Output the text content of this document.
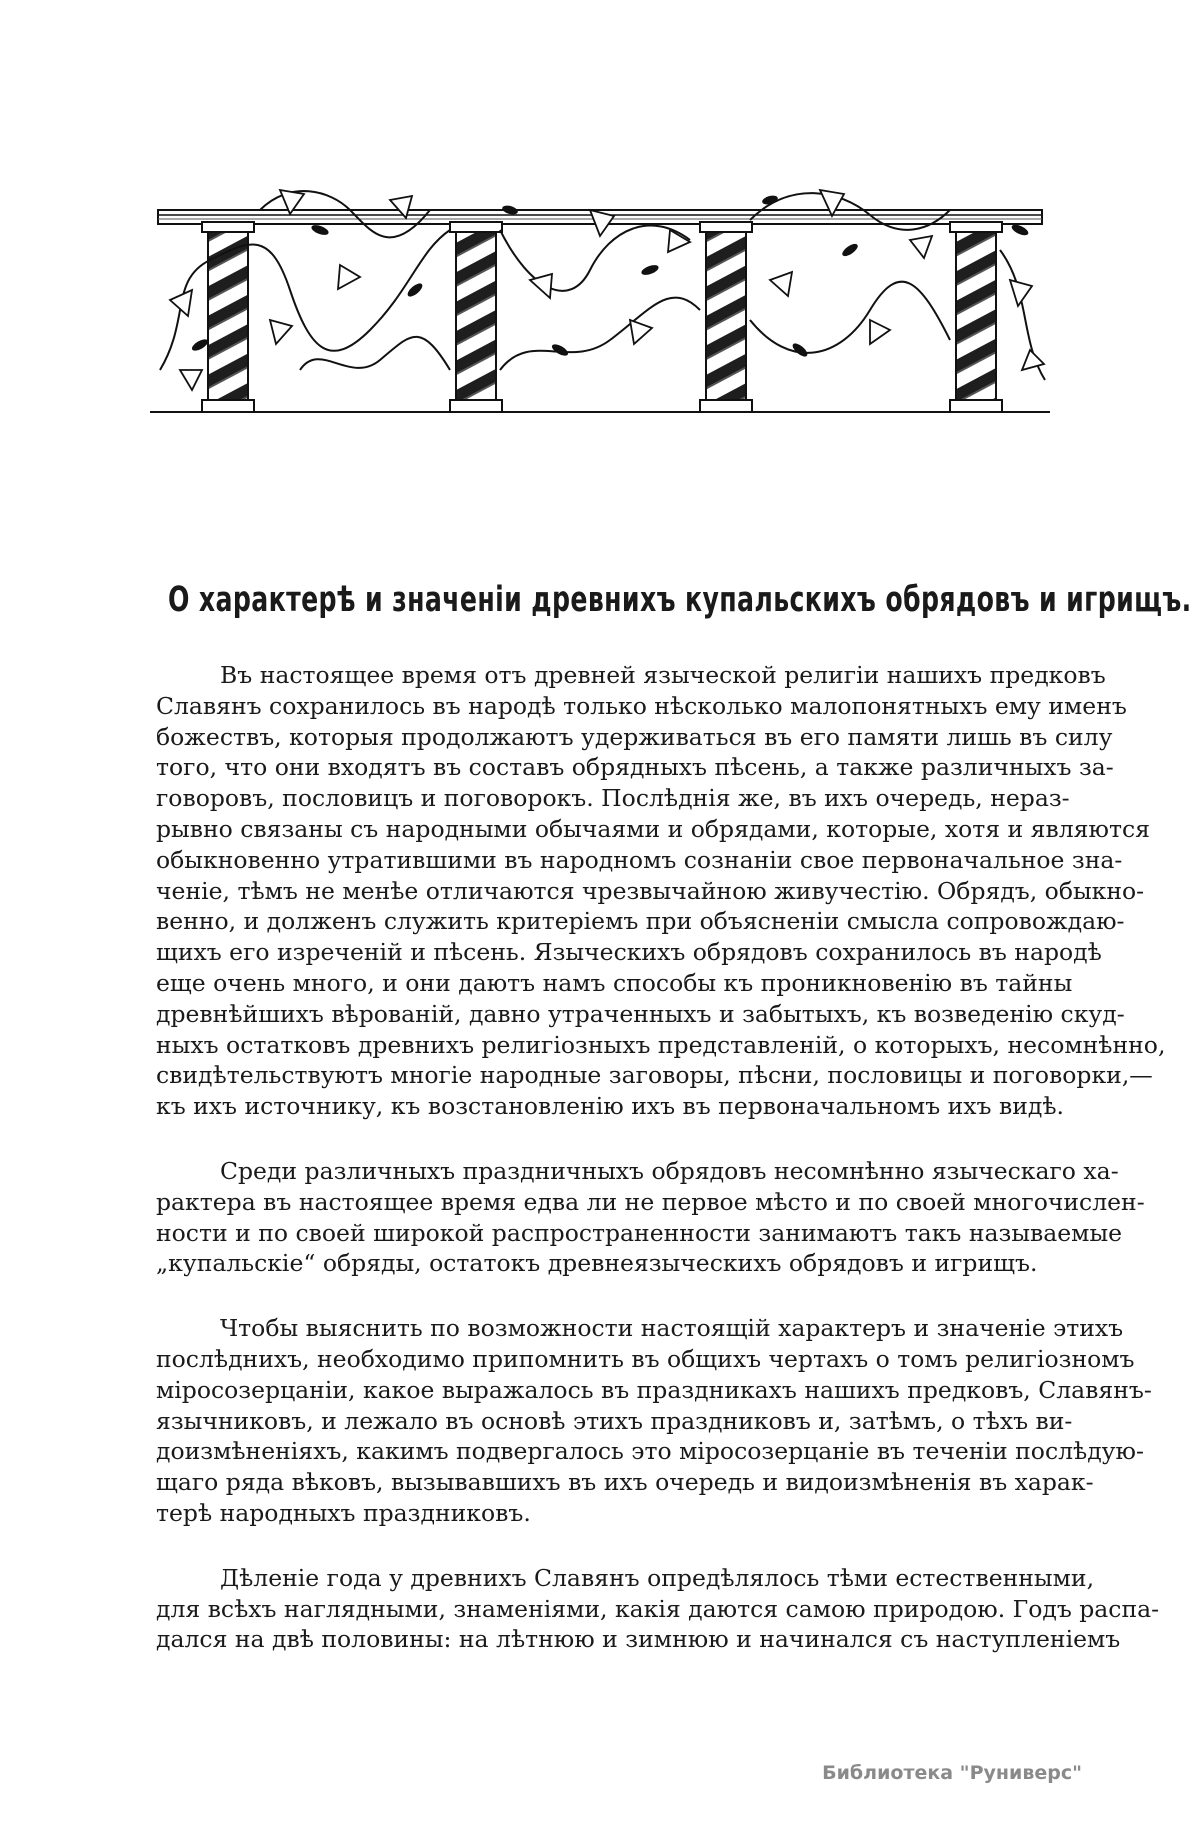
О характерѣ и значеніи древнихъ купальскихъ обрядовъ и игрищъ.
Въ настоящее время отъ древней языческой религіи нашихъ предковъ
Славянъ сохранилось въ народѣ только нѣсколько малопонятныхъ ему именъ
божествъ, которыя продолжаютъ удерживаться въ его памяти лишь въ силу
того, что они входятъ въ составъ обрядныхъ пѣсень, а также различныхъ за-
говоровъ, пословицъ и поговорокъ. Послѣднія же, въ ихъ очередь, нераз-
рывно связаны съ народными обычаями и обрядами, которые, хотя и являются
обыкновенно утратившими въ народномъ сознаніи свое первоначальное зна-
ченіе, тѣмъ не менѣе отличаются чрезвычайною живучестію. Обрядъ, обыкно-
венно, и долженъ служить критеріемъ при объясненіи смысла сопровождаю-
щихъ его изреченій и пѣсень. Языческихъ обрядовъ сохранилось въ народѣ
еще очень много, и они даютъ намъ способы къ проникновенію въ тайны
древнѣйшихъ вѣрованій, давно утраченныхъ и забытыхъ, къ возведенію скуд-
ныхъ остатковъ древнихъ религіозныхъ представленій, о которыхъ, несомнѣнно,
свидѣтельствуютъ многіе народные заговоры, пѣсни, пословицы и поговорки,—
къ ихъ источнику, къ возстановленію ихъ въ первоначальномъ ихъ видѣ.
Среди различныхъ праздничныхъ обрядовъ несомнѣнно языческаго ха-
рактера въ настоящее время едва ли не первое мѣсто и по своей многочислен-
ности и по своей широкой распространенности занимаютъ такъ называемые
„купальскіе“ обряды, остатокъ древнеязыческихъ обрядовъ и игрищъ.
Чтобы выяснить по возможности настоящій характеръ и значеніе этихъ
послѣднихъ, необходимо припомнить въ общихъ чертахъ о томъ религіозномъ
міросозерцаніи, какое выражалось въ праздникахъ нашихъ предковъ, Славянъ-
язычниковъ, и лежало въ основѣ этихъ праздниковъ и, затѣмъ, о тѣхъ ви-
доизмѣненіяхъ, какимъ подвергалось это міросозерцаніе въ теченіи послѣдую-
щаго ряда вѣковъ, вызывавшихъ въ ихъ очередь и видоизмѣненія въ харак-
терѣ народныхъ праздниковъ.
Дѣленіе года у древнихъ Славянъ опредѣлялось тѣми естественными,
для всѣхъ наглядными, знаменіями, какія даются самою природою. Годъ распа-
дался на двѣ половины: на лѣтнюю и зимнюю и начинался съ наступленіемъ
Библиотека "Руниверс"
